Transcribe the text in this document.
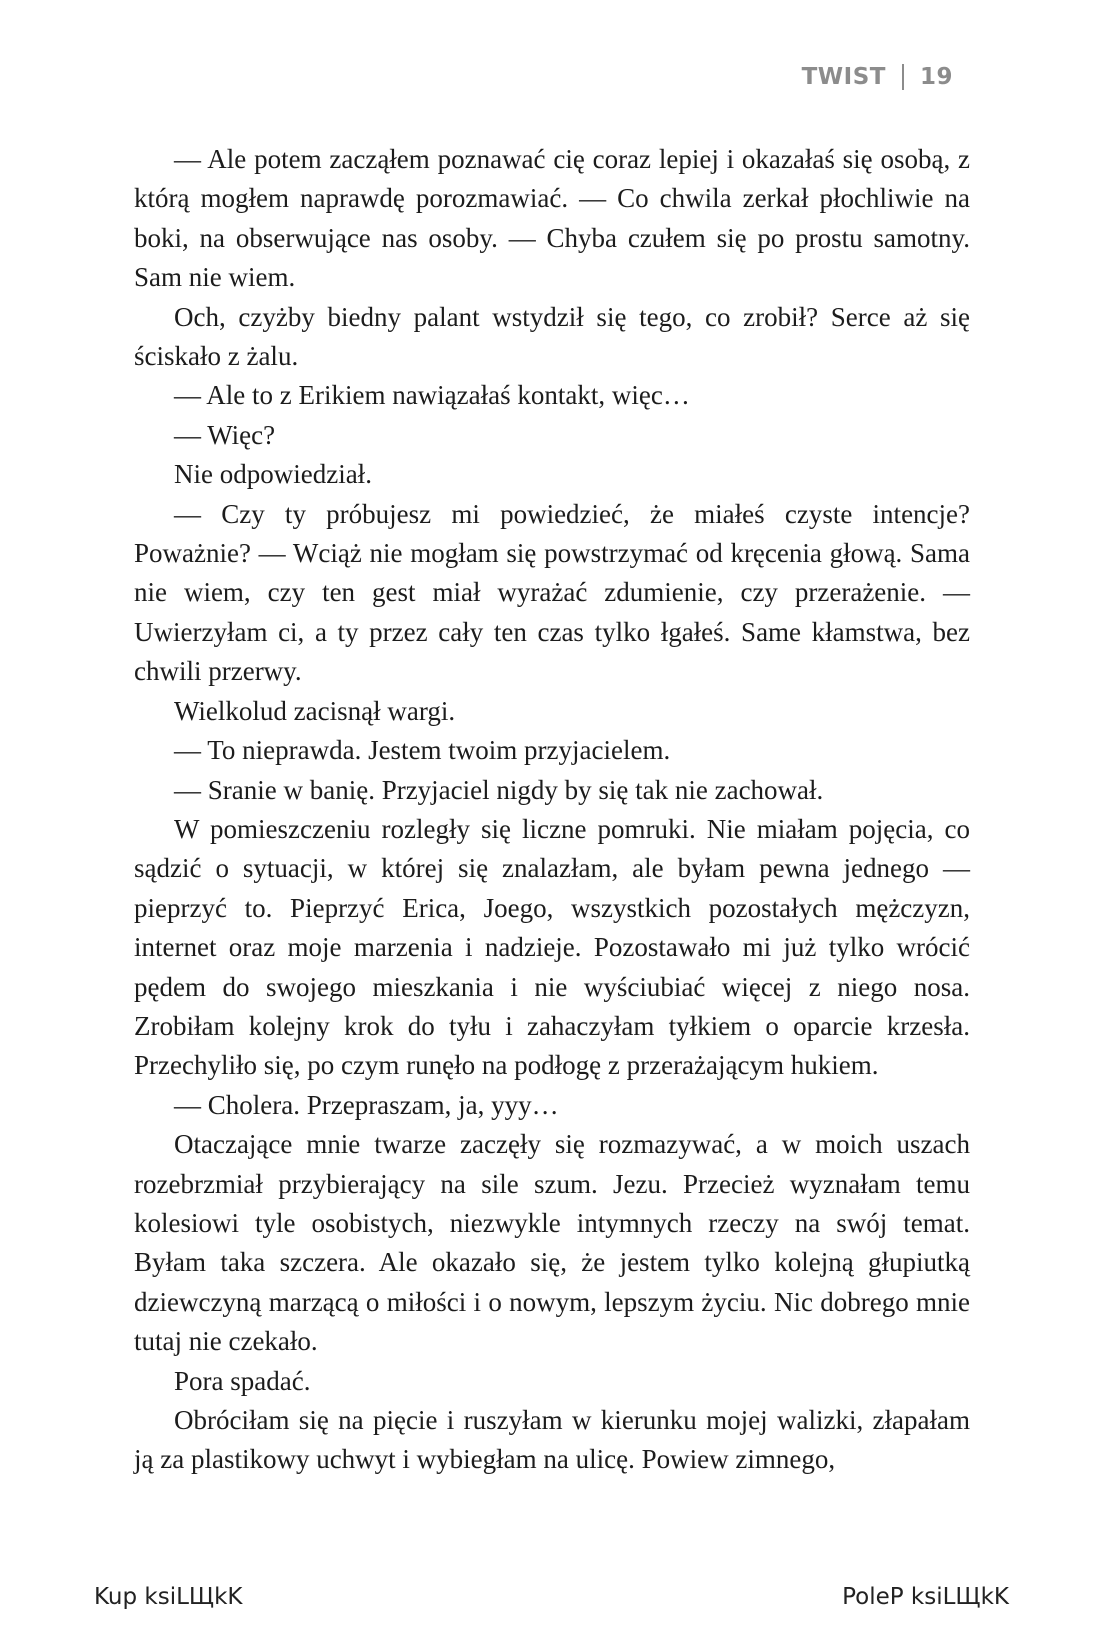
TWIST 19

— Ale potem zacząłem poznawać cię coraz lepiej i okazałaś się osobą, z którą mogłem naprawdę porozmawiać. — Co chwila zerkał płochliwie na boki, na obserwujące nas osoby. — Chyba czułem się po prostu samotny. Sam nie wiem.

Och, czyżby biedny palant wstydził się tego, co zrobił? Serce aż się ściskało z żalu.

— Ale to z Erikiem nawiązałaś kontakt, więc…

— Więc?

Nie odpowiedział.

— Czy ty próbujesz mi powiedzieć, że miałeś czyste intencje? Poważnie? — Wciąż nie mogłam się powstrzymać od kręcenia głową. Sama nie wiem, czy ten gest miał wyrażać zdumienie, czy przerażenie. — Uwierzyłam ci, a ty przez cały ten czas tylko łgałeś. Same kłamstwa, bez chwili przerwy.

Wielkolud zacisnął wargi.

— To nieprawda. Jestem twoim przyjacielem.

— Sranie w banię. Przyjaciel nigdy by się tak nie zachował.

W pomieszczeniu rozległy się liczne pomruki. Nie miałam pojęcia, co sądzić o sytuacji, w której się znalazłam, ale byłam pewna jednego — pieprzyć to. Pieprzyć Erica, Joego, wszystkich pozostałych mężczyzn, internet oraz moje marzenia i nadzieje. Pozostawało mi już tylko wrócić pędem do swojego mieszkania i nie wyściubiać więcej z niego nosa. Zrobiłam kolejny krok do tyłu i zahaczyłam tyłkiem o oparcie krzesła. Przechyliło się, po czym runęło na podłogę z przerażającym hukiem.

— Cholera. Przepraszam, ja, yyy…

Otaczające mnie twarze zaczęły się rozmazywać, a w moich uszach rozebrzmiał przybierający na sile szum. Jezu. Przecież wyznałam temu kolesiowi tyle osobistych, niezwykle intymnych rzeczy na swój temat. Byłam taka szczera. Ale okazało się, że jestem tylko kolejną głupiutką dziewczyną marzącą o miłości i o nowym, lepszym życiu. Nic dobrego mnie tutaj nie czekało.

Pora spadać.

Obróciłam się na pięcie i ruszyłam w kierunku mojej walizki, złapałam ją za plastikowy uchwyt i wybiegłam na ulicę. Powiew zimnego,

Kup ksiLЩkK	PoleP ksiLЩkK
